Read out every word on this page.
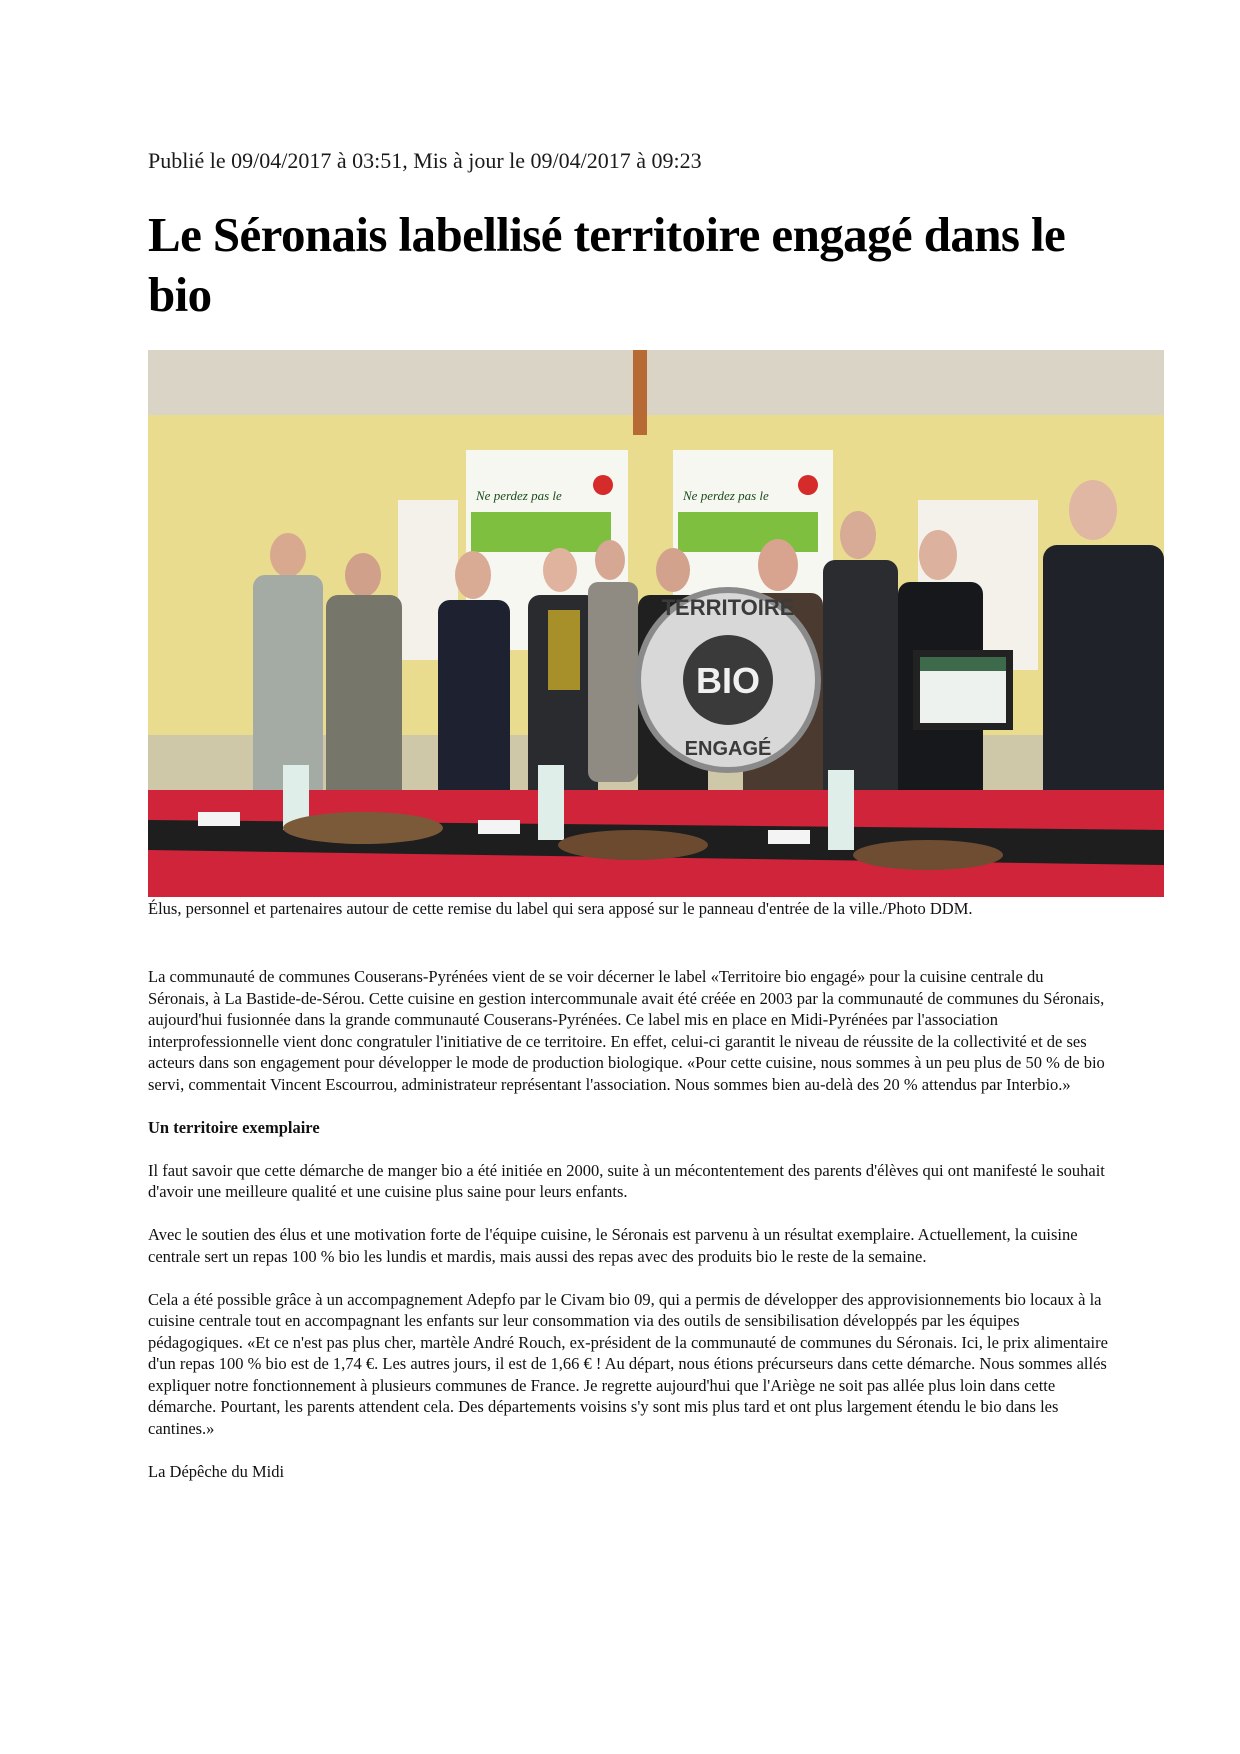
Publié le 09/04/2017 à 03:51, Mis à jour le 09/04/2017 à 09:23
Le Séronais labellisé territoire engagé dans le bio
Ne perdez pas le	Ne perdez pas le
TERRITOIRE
BIO
ENGAGÉ
Élus, personnel et partenaires autour de cette remise du label qui sera apposé sur le panneau d'entrée de la ville./Photo DDM.

La communauté de communes Couserans-Pyrénées vient de se voir décerner le label «Territoire bio engagé» pour la cuisine centrale du Séronais, à La Bastide-de-Sérou. Cette cuisine en gestion intercommunale avait été créée en 2003 par la communauté de communes du Séronais, aujourd'hui fusionnée dans la grande communauté Couserans-Pyrénées. Ce label mis en place en Midi-Pyrénées par l'association interprofessionnelle vient donc congratuler l'initiative de ce territoire. En effet, celui-ci garantit le niveau de réussite de la collectivité et de ses acteurs dans son engagement pour développer le mode de production biologique. «Pour cette cuisine, nous sommes à un peu plus de 50 % de bio servi, commentait Vincent Escourrou, administrateur représentant l'association. Nous sommes bien au-delà des 20 % attendus par Interbio.»

Un territoire exemplaire

Il faut savoir que cette démarche de manger bio a été initiée en 2000, suite à un mécontentement des parents d'élèves qui ont manifesté le souhait d'avoir une meilleure qualité et une cuisine plus saine pour leurs enfants.

Avec le soutien des élus et une motivation forte de l'équipe cuisine, le Séronais est parvenu à un résultat exemplaire. Actuellement, la cuisine centrale sert un repas 100 % bio les lundis et mardis, mais aussi des repas avec des produits bio le reste de la semaine.

Cela a été possible grâce à un accompagnement Adepfo par le Civam bio 09, qui a permis de développer des approvisionnements bio locaux à la cuisine centrale tout en accompagnant les enfants sur leur consommation via des outils de sensibilisation développés par les équipes pédagogiques. «Et ce n'est pas plus cher, martèle André Rouch, ex-président de la communauté de communes du Séronais. Ici, le prix alimentaire d'un repas 100 % bio est de 1,74 €. Les autres jours, il est de 1,66 € ! Au départ, nous étions précurseurs dans cette démarche. Nous sommes allés expliquer notre fonctionnement à plusieurs communes de France. Je regrette aujourd'hui que l'Ariège ne soit pas allée plus loin dans cette démarche. Pourtant, les parents attendent cela. Des départements voisins s'y sont mis plus tard et ont plus largement étendu le bio dans les cantines.»

La Dépêche du Midi
